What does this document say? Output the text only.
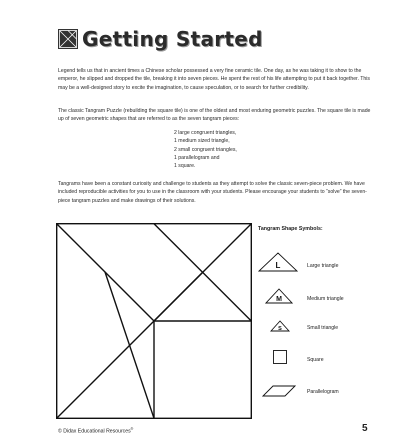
Getting Started

Legend tells us that in ancient times a Chinese scholar possessed a very fine ceramic tile. One day, as he was taking it to show to the emperor, he slipped and dropped the tile, breaking it into seven pieces. He spent the rest of his life attempting to put it back together. This may be a well-designed story to excite the imagination, to cause speculation, or to search for further credibility.

The classic Tangram Puzzle (rebuilding the square tile) is one of the oldest and most enduring geometric puzzles. The square tile is made up of seven geometric shapes that are referred to as the seven tangram pieces:

2 large congruent triangles,
1 medium sized triangle,
2 small congruent triangles,
1 parallelogram and
1 square.

Tangrams have been a constant curiosity and challenge to students as they attempt to solve the classic seven-piece problem. We have included reproducible activities for you to use in the classroom with your students. Please encourage your students to “solve” the seven-piece tangram puzzles and make drawings of their solutions.

Tangram Shape Symbols:
L	Large triangle
M	Medium triangle
S	Small triangle
Square
Parallelogram
© Didax Educational Resources®	5
